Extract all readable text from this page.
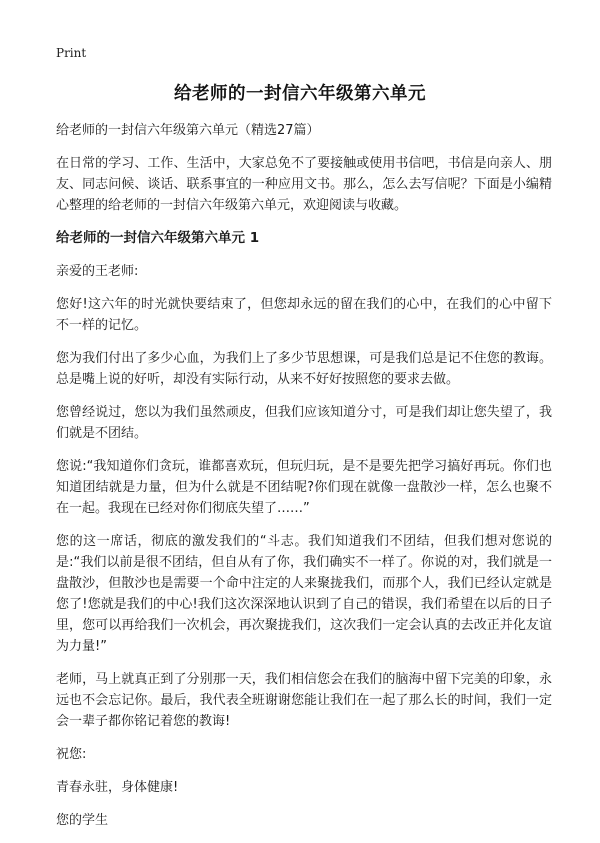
Print
给老师的一封信六年级第六单元

给老师的一封信六年级第六单元（精选27篇）

在日常的学习、工作、生活中，大家总免不了要接触或使用书信吧，书信是向亲人、朋友、同志问候、谈话、联系事宜的一种应用文书。那么，怎么去写信呢？下面是小编精心整理的给老师的一封信六年级第六单元，欢迎阅读与收藏。

给老师的一封信六年级第六单元 1

亲爱的王老师:

您好!这六年的时光就快要结束了，但您却永远的留在我们的心中，在我们的心中留下不一样的记忆。

您为我们付出了多少心血，为我们上了多少节思想课，可是我们总是记不住您的教诲。总是嘴上说的好听，却没有实际行动，从来不好好按照您的要求去做。

您曾经说过，您以为我们虽然顽皮，但我们应该知道分寸，可是我们却让您失望了，我们就是不团结。

您说:“我知道你们贪玩，谁都喜欢玩，但玩归玩，是不是要先把学习搞好再玩。你们也知道团结就是力量，但为什么就是不团结呢?你们现在就像一盘散沙一样，怎么也聚不在一起。我现在已经对你们彻底失望了……”

您的这一席话，彻底的激发我们的“斗志。我们知道我们不团结，但我们想对您说的是:“我们以前是很不团结，但自从有了你，我们确实不一样了。你说的对，我们就是一盘散沙，但散沙也是需要一个命中注定的人来聚拢我们，而那个人，我们已经认定就是您了!您就是我们的中心!我们这次深深地认识到了自己的错误，我们希望在以后的日子里，您可以再给我们一次机会，再次聚拢我们，这次我们一定会认真的去改正并化友谊为力量!”

老师，马上就真正到了分别那一天，我们相信您会在我们的脑海中留下完美的印象，永远也不会忘记你。最后，我代表全班谢谢您能让我们在一起了那么长的时间，我们一定会一辈子都你铭记着您的教诲!

祝您:

青春永驻，身体健康!

您的学生
